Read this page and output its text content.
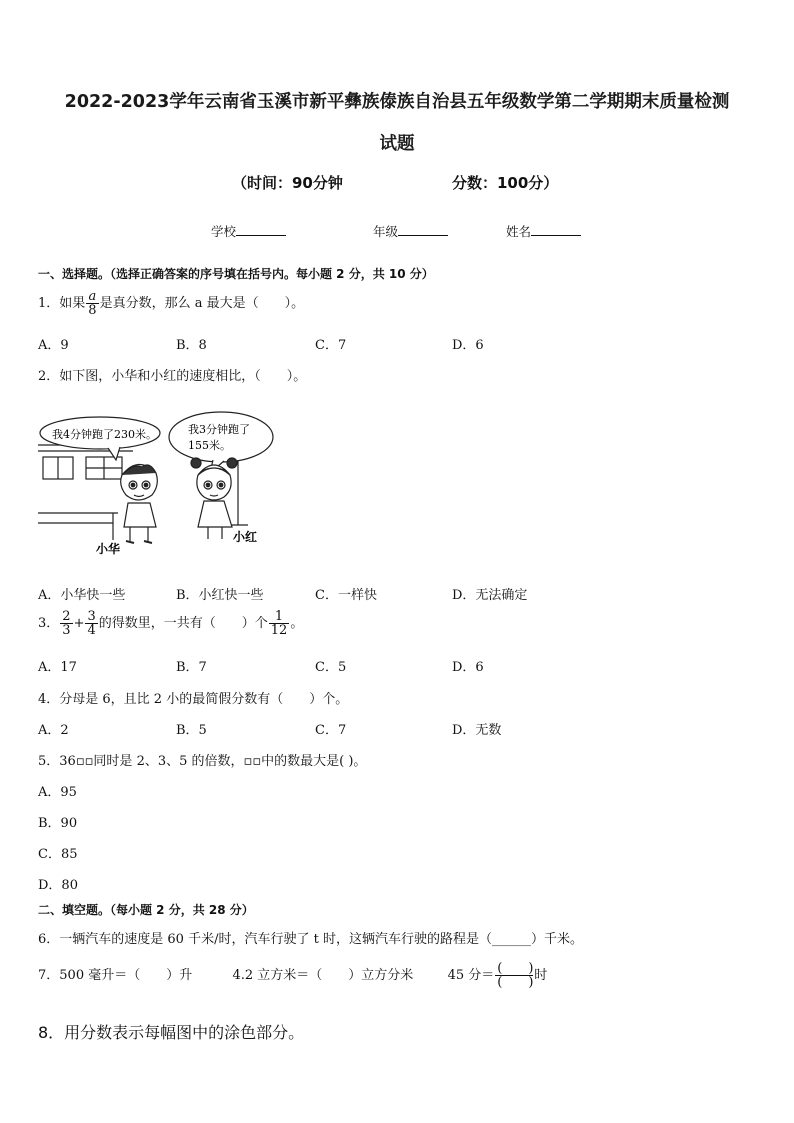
2022-2023学年云南省玉溪市新平彝族傣族自治县五年级数学第二学期期末质量检测
试题
（时间：90分钟	分数：100分）
学校	年级	姓名
一、选择题。（选择正确答案的序号填在括号内。每小题 2 分，共 10 分）
1．如果 $\frac{a}{8}$ 是真分数，那么 a 最大是（　　）。
A．9	B．8	C．7	D．6
2．如下图，小华和小红的速度相比，（　　）。
我4分钟跑了230米。	我3分钟跑了
155米。
小华
小红
A．小华快一些	B．小红快一些	C．一样快	D．无法确定
3． $\frac{2}{3} + \frac{3}{4}$ 的得数里，一共有（　　）个 $\frac{1}{12}$ 。
A．17	B．7	C．5	D．6
4．分母是 6，且比 2 小的最简假分数有（　　）个。
A．2	B．5	C．7	D．无数
5．36▫▫同时是 2、3、5 的倍数，▫▫中的数最大是( )。
A．95
B．90
C．85
D．80
二、填空题。（每小题 2 分，共 28 分）
6．一辆汽车的速度是 60 千米/时，汽车行驶了 t 时，这辆汽车行驶的路程是（______）千米。
7．500 毫升＝（　　）升	4.2 立方米＝（　　）立方分米	45 分＝ $\frac{( )}{( )}$ 时
8．用分数表示每幅图中的涂色部分。
